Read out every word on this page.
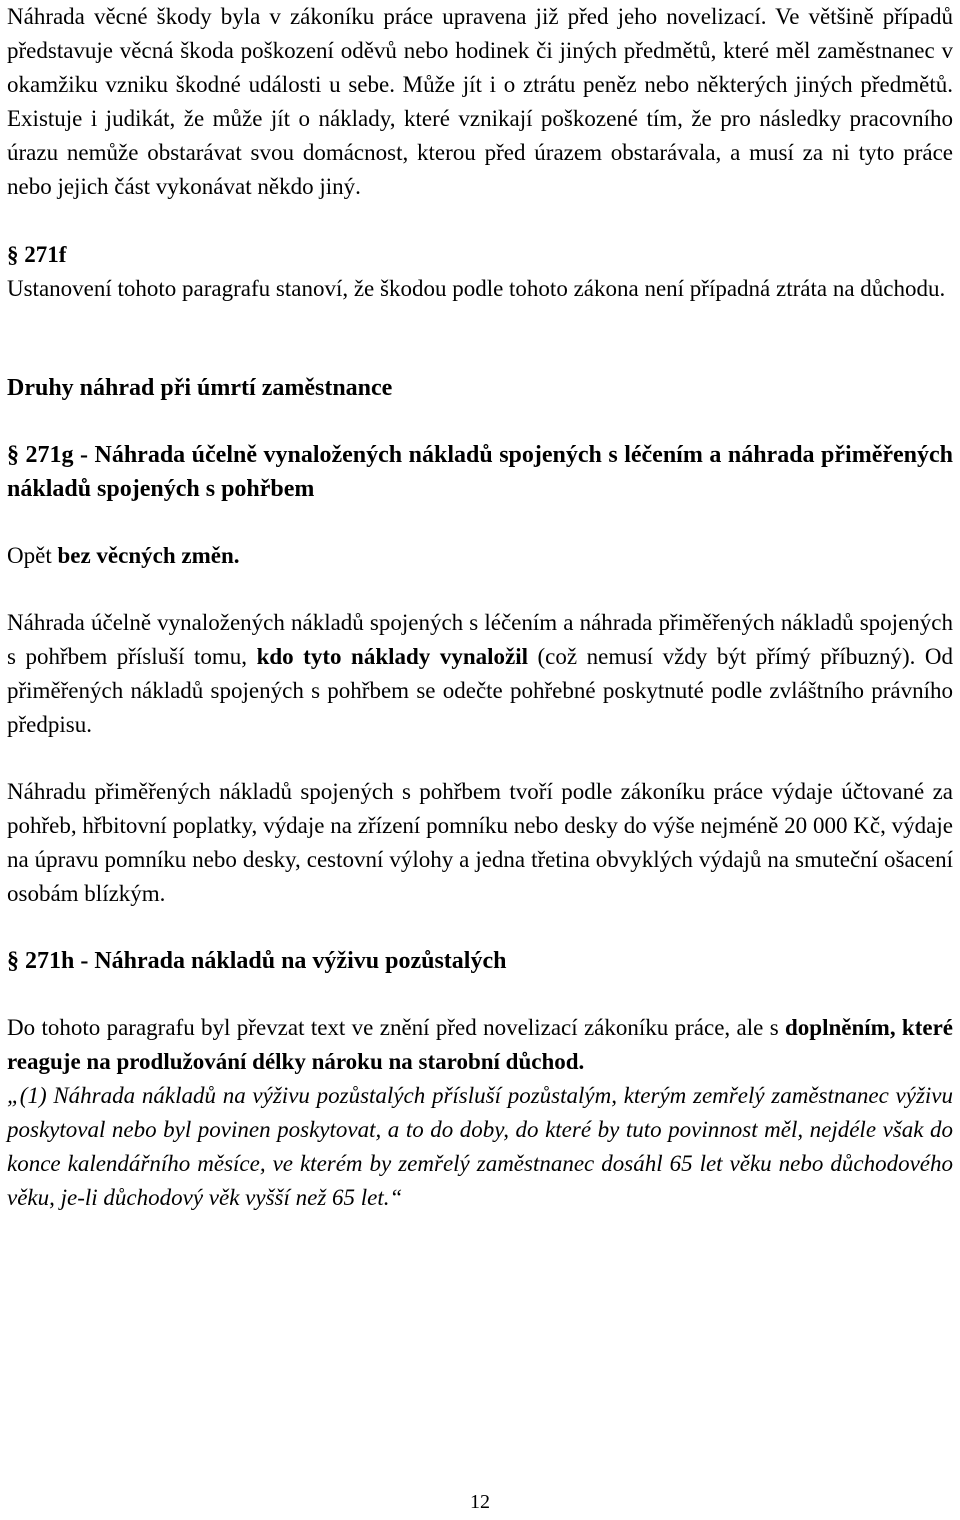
Náhrada věcné škody byla v zákoníku práce upravena již před jeho novelizací. Ve většině případů představuje věcná škoda poškození oděvů nebo hodinek či jiných předmětů, které měl zaměstnanec v okamžiku vzniku škodné události u sebe. Může jít i o ztrátu peněz nebo některých jiných předmětů. Existuje i judikát, že může jít o náklady, které vznikají poškozené tím, že pro následky pracovního úrazu nemůže obstarávat svou domácnost, kterou před úrazem obstarávala, a musí za ni tyto práce nebo jejich část vykonávat někdo jiný.

§ 271f

Ustanovení tohoto paragrafu stanoví, že škodou podle tohoto zákona není případná ztráta na důchodu.

Druhy náhrad při úmrtí zaměstnance

§ 271g - Náhrada účelně vynaložených nákladů spojených s léčením a náhrada přiměřených nákladů spojených s pohřbem

Opět bez věcných změn.

Náhrada účelně vynaložených nákladů spojených s léčením a náhrada přiměřených nákladů spojených s pohřbem přísluší tomu, kdo tyto náklady vynaložil (což nemusí vždy být přímý příbuzný). Od přiměřených nákladů spojených s pohřbem se odečte pohřebné poskytnuté podle zvláštního právního předpisu.

Náhradu přiměřených nákladů spojených s pohřbem tvoří podle zákoníku práce výdaje účtované za pohřeb, hřbitovní poplatky, výdaje na zřízení pomníku nebo desky do výše nejméně 20 000 Kč, výdaje na úpravu pomníku nebo desky, cestovní výlohy a jedna třetina obvyklých výdajů na smuteční ošacení osobám blízkým.

§ 271h - Náhrada nákladů na výživu pozůstalých

Do tohoto paragrafu byl převzat text ve znění před novelizací zákoníku práce, ale s doplněním, které reaguje na prodlužování délky nároku na starobní důchod.

„(1) Náhrada nákladů na výživu pozůstalých přísluší pozůstalým, kterým zemřelý zaměstnanec výživu poskytoval nebo byl povinen poskytovat, a to do doby, do které by tuto povinnost měl, nejdéle však do konce kalendářního měsíce, ve kterém by zemřelý zaměstnanec dosáhl 65 let věku nebo důchodového věku, je-li důchodový věk vyšší než 65 let.“

12
